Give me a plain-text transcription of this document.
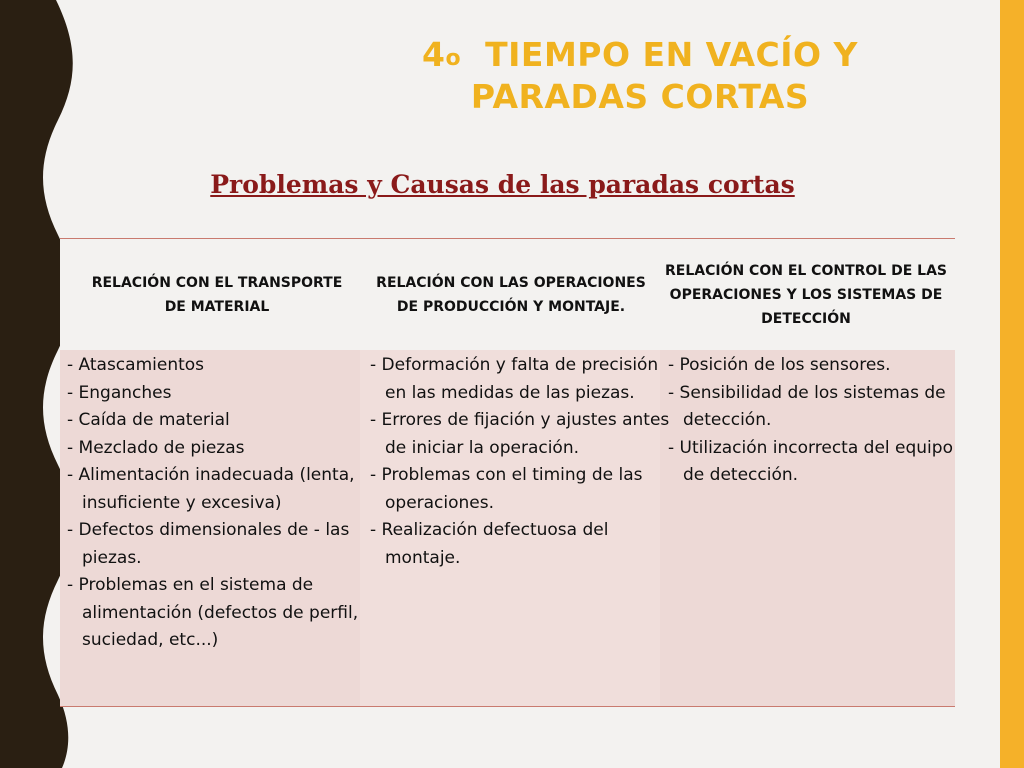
4$^o$ TIEMPO EN VACÍO Y
PARADAS CORTAS
Problemas y Causas de las paradas cortas
RELACIÓN CON EL TRANSPORTE DE MATERIAL
RELACIÓN CON LAS OPERACIONES DE PRODUCCIÓN Y MONTAJE.
RELACIÓN CON EL CONTROL DE LAS OPERACIONES Y LOS SISTEMAS DE DETECCIÓN

- Atascamientos

- Enganches

- Caída de material

- Mezclado de piezas

- Alimentación inadecuada (lenta, insuficiente y excesiva)

- Defectos dimensionales de - las piezas.

- Problemas en el sistema de alimentación (defectos de perfil, suciedad, etc...)

- Deformación y falta de precisión en las medidas de las piezas.

- Errores de fijación y ajustes antes de iniciar la operación.

- Problemas con el timing de las operaciones.

- Realización defectuosa del montaje.

- Posición de los sensores.

- Sensibilidad de los sistemas de detección.

- Utilización incorrecta del equipo de detección.
